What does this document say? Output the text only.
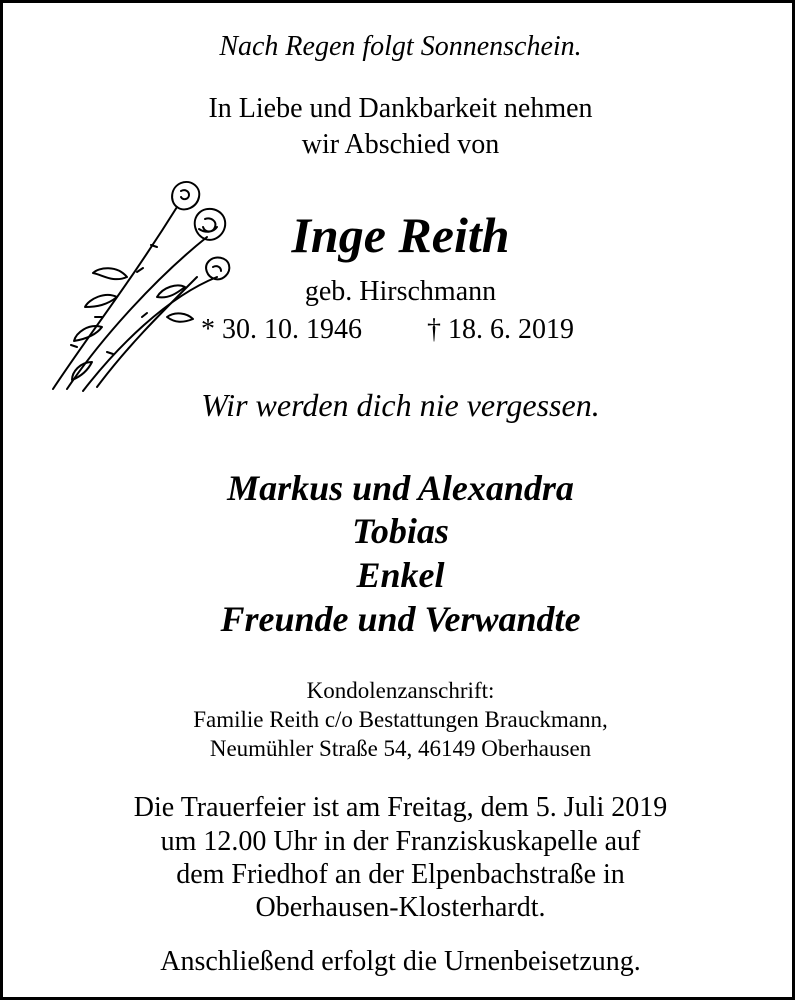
Nach Regen folgt Sonnenschein.
In Liebe und Dankbarkeit nehmen
wir Abschied von
Inge Reith
geb. Hirschmann
* 30. 10. 1946 † 18. 6. 2019
Wir werden dich nie vergessen.
Markus und Alexandra
Tobias
Enkel
Freunde und Verwandte
Kondolenzanschrift:
Familie Reith c/o Bestattungen Brauckmann,
Neumühler Straße 54, 46149 Oberhausen
Die Trauerfeier ist am Freitag, dem 5. Juli 2019
um 12.00 Uhr in der Franziskuskapelle auf
dem Friedhof an der Elpenbachstraße in
Oberhausen-Klosterhardt.
Anschließend erfolgt die Urnenbeisetzung.
